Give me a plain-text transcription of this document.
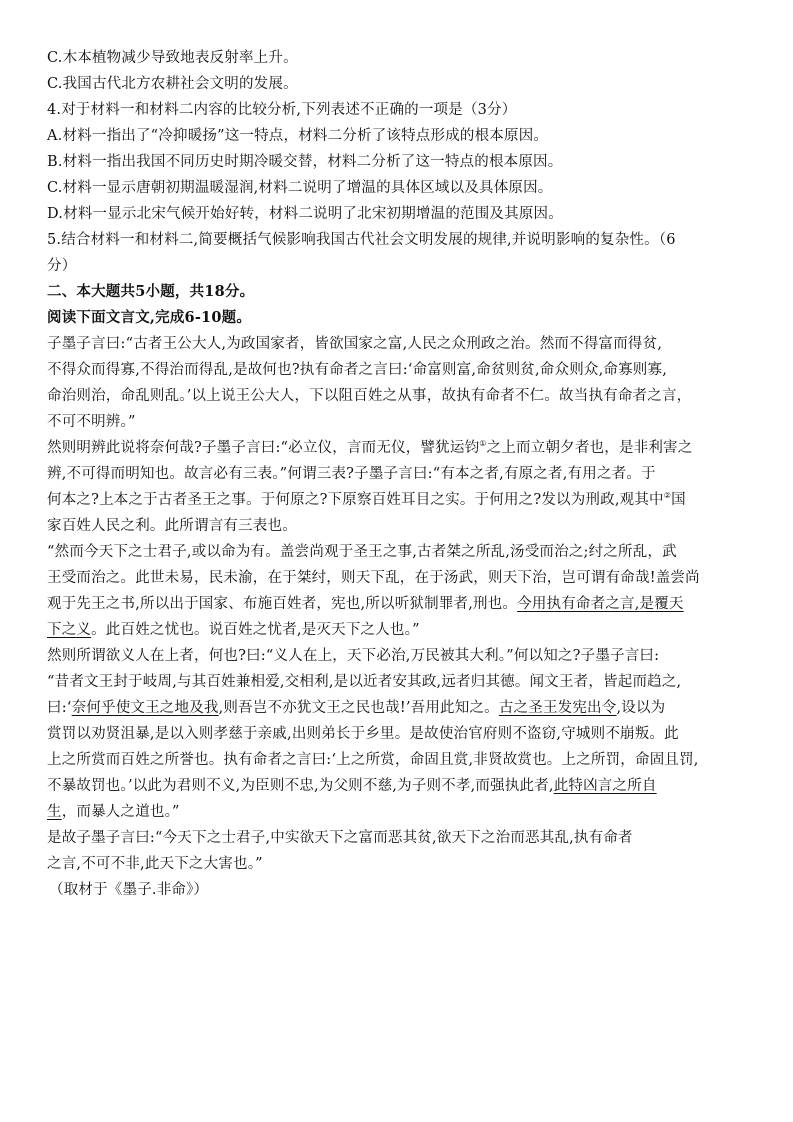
C.木本植物减少导致地表反射率上升。
C.我国古代北方农耕社会文明的发展。
4.对于材料一和材料二内容的比较分析,下列表述不正确的一项是（3分）
A.材料一指出了“冷抑暖扬”这一特点，材料二分析了该特点形成的根本原因。
B.材料一指出我国不同历史时期冷暖交替，材料二分析了这一特点的根本原因。
C.材料一显示唐朝初期温暖湿润,材料二说明了增温的具体区域以及具体原因。
D.材料一显示北宋气候开始好转，材料二说明了北宋初期增温的范围及其原因。
5.结合材料一和材料二,简要概括气候影响我国古代社会文明发展的规律,并说明影响的复杂性。（6
分）
二、本大题共5小题，共18分。
阅读下面文言文,完成6-10题。
子墨子言曰:“古者王公大人,为政国家者，皆欲国家之富,人民之众刑政之治。然而不得富而得贫,
不得众而得寡,不得治而得乱,是故何也?执有命者之言曰:‘命富则富,命贫则贫,命众则众,命寡则寡,
命治则治，命乱则乱。’以上说王公大人，下以阻百姓之从事，故执有命者不仁。故当执有命者之言，
不可不明辨。”
然则明辨此说将奈何哉?子墨子言曰:“必立仪，言而无仪，譬犹运钧①之上而立朝夕者也，是非利害之
辨,不可得而明知也。故言必有三表。”何谓三表?子墨子言曰:“有本之者,有原之者,有用之者。于
何本之?上本之于古者圣王之事。于何原之?下原察百姓耳目之实。于何用之?发以为刑政,观其中②国
家百姓人民之利。此所谓言有三表也。
“然而今天下之士君子,或以命为有。盖尝尚观于圣王之事,古者桀之所乱,汤受而治之;纣之所乱，武
王受而治之。此世未易，民未渝，在于桀纣，则天下乱，在于汤武，则天下治，岂可谓有命哉!盖尝尚
观于先王之书,所以出于国家、布施百姓者，宪也,所以听狱制罪者,刑也。今用执有命者之言,是覆天
下之义。此百姓之忧也。说百姓之忧者,是灭天下之人也。”
然则所谓欲义人在上者，何也?曰:“义人在上，天下必治,万民被其大利。”何以知之?子墨子言曰:
“昔者文王封于岐周,与其百姓兼相爱,交相利,是以近者安其政,远者归其德。闻文王者，皆起而趋之,
曰:‘奈何乎使文王之地及我,则吾岂不亦犹文王之民也哉!’吾用此知之。古之圣王发宪出令,设以为
赏罚以劝贤沮暴,是以入则孝慈于亲戚,出则弟长于乡里。是故使治官府则不盗窃,守城则不崩叛。此
上之所赏而百姓之所誉也。执有命者之言曰:‘上之所赏，命固且赏,非贤故赏也。上之所罚，命固且罚,
不暴故罚也。’以此为君则不义,为臣则不忠,为父则不慈,为子则不孝,而强执此者,此特凶言之所自
生，而暴人之道也。”
是故子墨子言曰:“今天下之士君子,中实欲天下之富而恶其贫,欲天下之治而恶其乱,执有命者
之言,不可不非,此天下之大害也。”
（取材于《墨子.非命》）
